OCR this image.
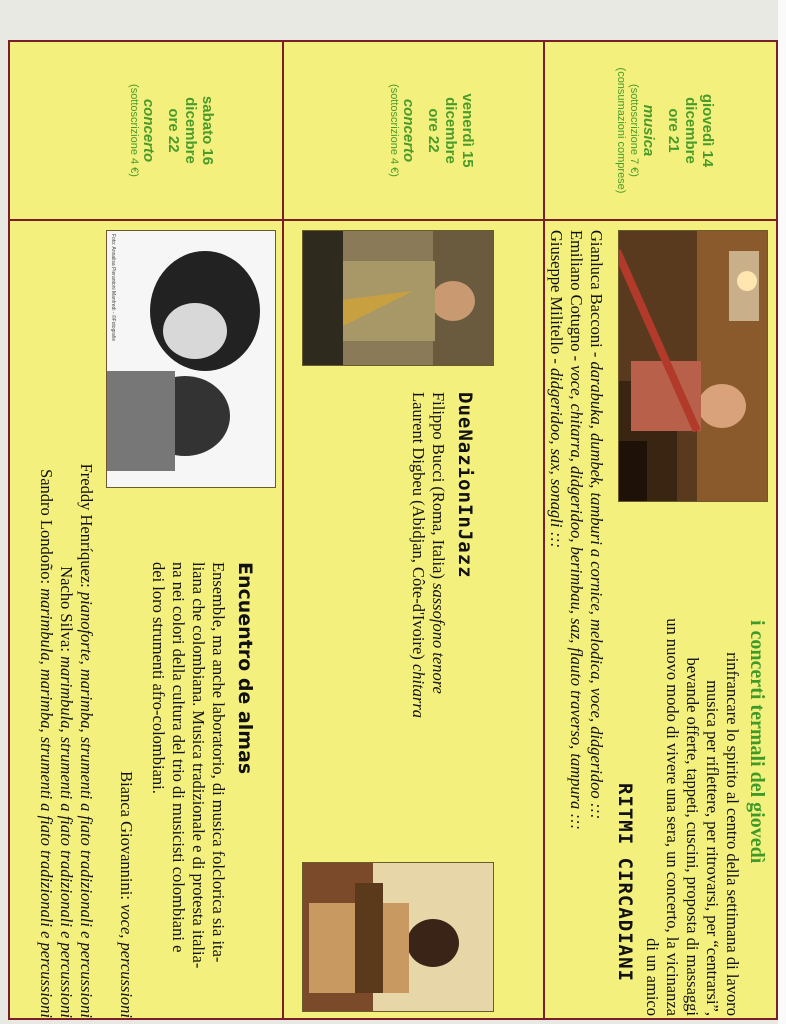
i concerti termali del giovedì
rinfrancare lo spirito al centro della settimana di lavoro
musica per riflettere, per ritrovarsi, per “centrarsi”,
bevande offerte, tappeti, cuscini, proposta di massaggi
un nuovo modo di vivere una sera, un concerto, la vicinanza
di un amico
giovedì 14
dicembre
ore 21
musica
(sottoscrizione 7 €)
(consumazioni comprese)
RITMI CIRCADIANI
Gianluca Bacconi - darabuka, dumbek, tamburi a cornice, melodica, voce, didgeridoo :::
Emiliano Cotugno - voce, chitarra, didgeridoo, berimbau, saz, flauto traverso, tampura :::
Giuseppe Militello - didgeridoo, sax, sonagli :::
venerdì 15
dicembre
ore 22
concerto
(sottoscrizione 4 €)
DueNazionInJazz
Filippo Bucci (Roma, Italia) sassofono tenore
Laurent Digbeu (Abidjan, Côte-d'Ivoire) chitarra
sabato 16
dicembre
ore 22
concerto
(sottoscrizione 4 €)
Foto: Annalisa Pierantoni Manfredi - ©Fotografie
Encuentro de almas
Ensemble, ma anche laboratorio, di musica folclorica sia ita-
liana che colombiana. Musica tradizionale e di protesta italia-
na nei colori della cultura del trio di musicisti colombiani e
dei loro strumenti afro-colombiani.
Bianca Giovannini: voce, percussioni
Freddy Henríquez: pianoforte, marimba, strumenti a fiato tradizionali e percussioni
Nacho Silva: marimbula, strumenti a fiato tradizionali e percussioni
Sandro Londoño: marimbula, marimba, strumenti a fiato tradizionali e percussioni
